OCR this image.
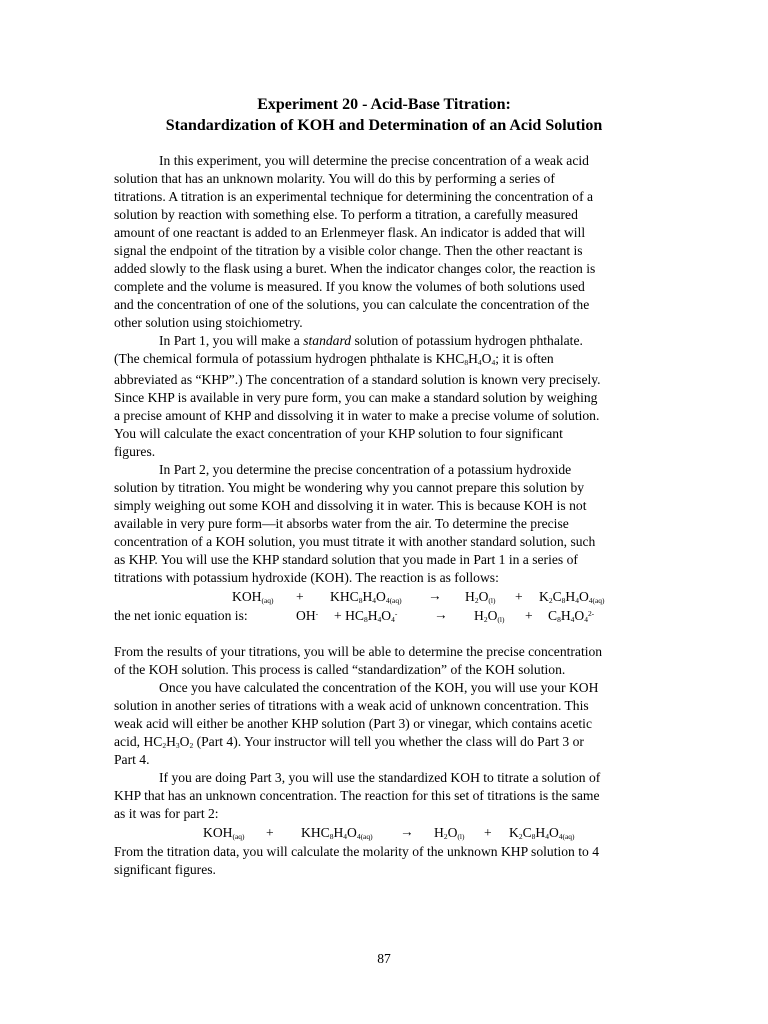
Experiment 20 - Acid-Base Titration:
Standardization of KOH and Determination of an Acid Solution
In this experiment, you will determine the precise concentration of a weak acid
solution that has an unknown molarity. You will do this by performing a series of
titrations. A titration is an experimental technique for determining the concentration of a
solution by reaction with something else. To perform a titration, a carefully measured
amount of one reactant is added to an Erlenmeyer flask. An indicator is added that will
signal the endpoint of the titration by a visible color change. Then the other reactant is
added slowly to the flask using a buret. When the indicator changes color, the reaction is
complete and the volume is measured. If you know the volumes of both solutions used
and the concentration of one of the solutions, you can calculate the concentration of the
other solution using stoichiometry.
In Part 1, you will make a standard solution of potassium hydrogen phthalate.
(The chemical formula of potassium hydrogen phthalate is $KHC_8H_4O_4$; it is often
abbreviated as “KHP”.) The concentration of a standard solution is known very precisely.
Since KHP is available in very pure form, you can make a standard solution by weighing
a precise amount of KHP and dissolving it in water to make a precise volume of solution.
You will calculate the exact concentration of your KHP solution to four significant
figures.
In Part 2, you determine the precise concentration of a potassium hydroxide
solution by titration. You might be wondering why you cannot prepare this solution by
simply weighing out some KOH and dissolving it in water. This is because KOH is not
available in very pure form—it absorbs water from the air. To determine the precise
concentration of a KOH solution, you must titrate it with another standard solution, such
as KHP. You will use the KHP standard solution that you made in Part 1 in a series of
titrations with potassium hydroxide (KOH). The reaction is as follows:
$KOH_{(aq)} + KHC_8H_4O_{4(aq)} \to H_2O_{(l)} + K_2C_8H_4O_{4(aq)}$
the net ionic equation is:	$OH^- + HC_8H_4O_4^-$	→ $H_2O_{(l)} + C_8H_4O_4^{2-}$
From the results of your titrations, you will be able to determine the precise concentration
of the KOH solution. This process is called “standardization” of the KOH solution.
Once you have calculated the concentration of the KOH, you will use your KOH
solution in another series of titrations with a weak acid of unknown concentration. This
weak acid will either be another KHP solution (Part 3) or vinegar, which contains acetic
acid, $HC_2H_3O_2$ (Part 4). Your instructor will tell you whether the class will do Part 3 or
Part 4.
If you are doing Part 3, you will use the standardized KOH to titrate a solution of
KHP that has an unknown concentration. The reaction for this set of titrations is the same
as it was for part 2:
$KOH_{(aq)} + KHC_8H_4O_{4(aq)} \to H_2O_{(l)} + K_2C_8H_4O_{4(aq)}$
From the titration data, you will calculate the molarity of the unknown KHP solution to 4
significant figures.
87
